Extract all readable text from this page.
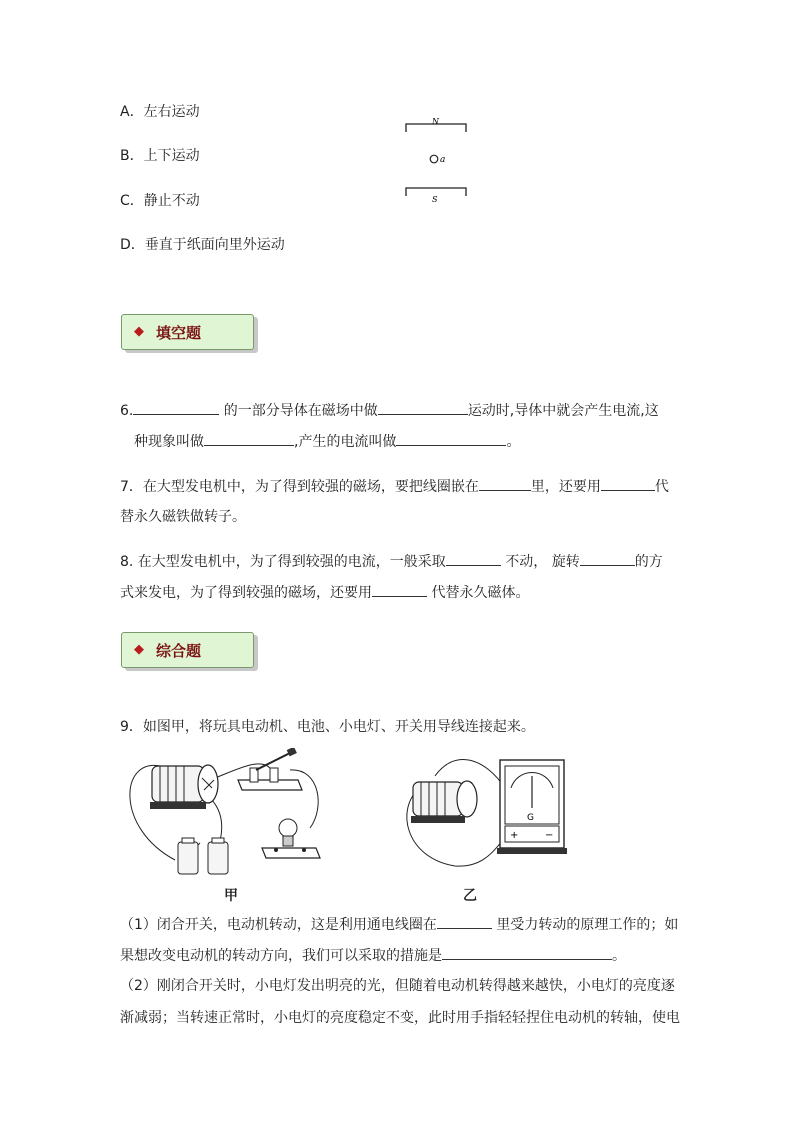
A．左右运动
B．上下运动
C．静止不动
D．垂直于纸面向里外运动
N
a
S
◆ 填空题
6.	的一部分导体在磁场中做	运动时,导体中就会产生电流,这
种现象叫做	,产生的电流叫做	。
7．在大型发电机中，为了得到较强的磁场，要把线圈嵌在	里，还要用	代
替永久磁铁做转子。
8. 在大型发电机中，为了得到较强的电流，一般采取	不动， 旋转	的方
式来发电，为了得到较强的磁场，还要用	代替永久磁体。
◆ 综合题
9．如图甲，将玩具电动机、电池、小电灯、开关用导线连接起来。
甲
G
+	−
乙
（1）闭合开关，电动机转动，这是利用通电线圈在	里受力转动的原理工作的；如
果想改变电动机的转动方向，我们可以采取的措施是	。
（2）刚闭合开关时，小电灯发出明亮的光，但随着电动机转得越来越快，小电灯的亮度逐
渐减弱；当转速正常时，小电灯的亮度稳定不变，此时用手指轻轻捏住电动机的转轴，使电
